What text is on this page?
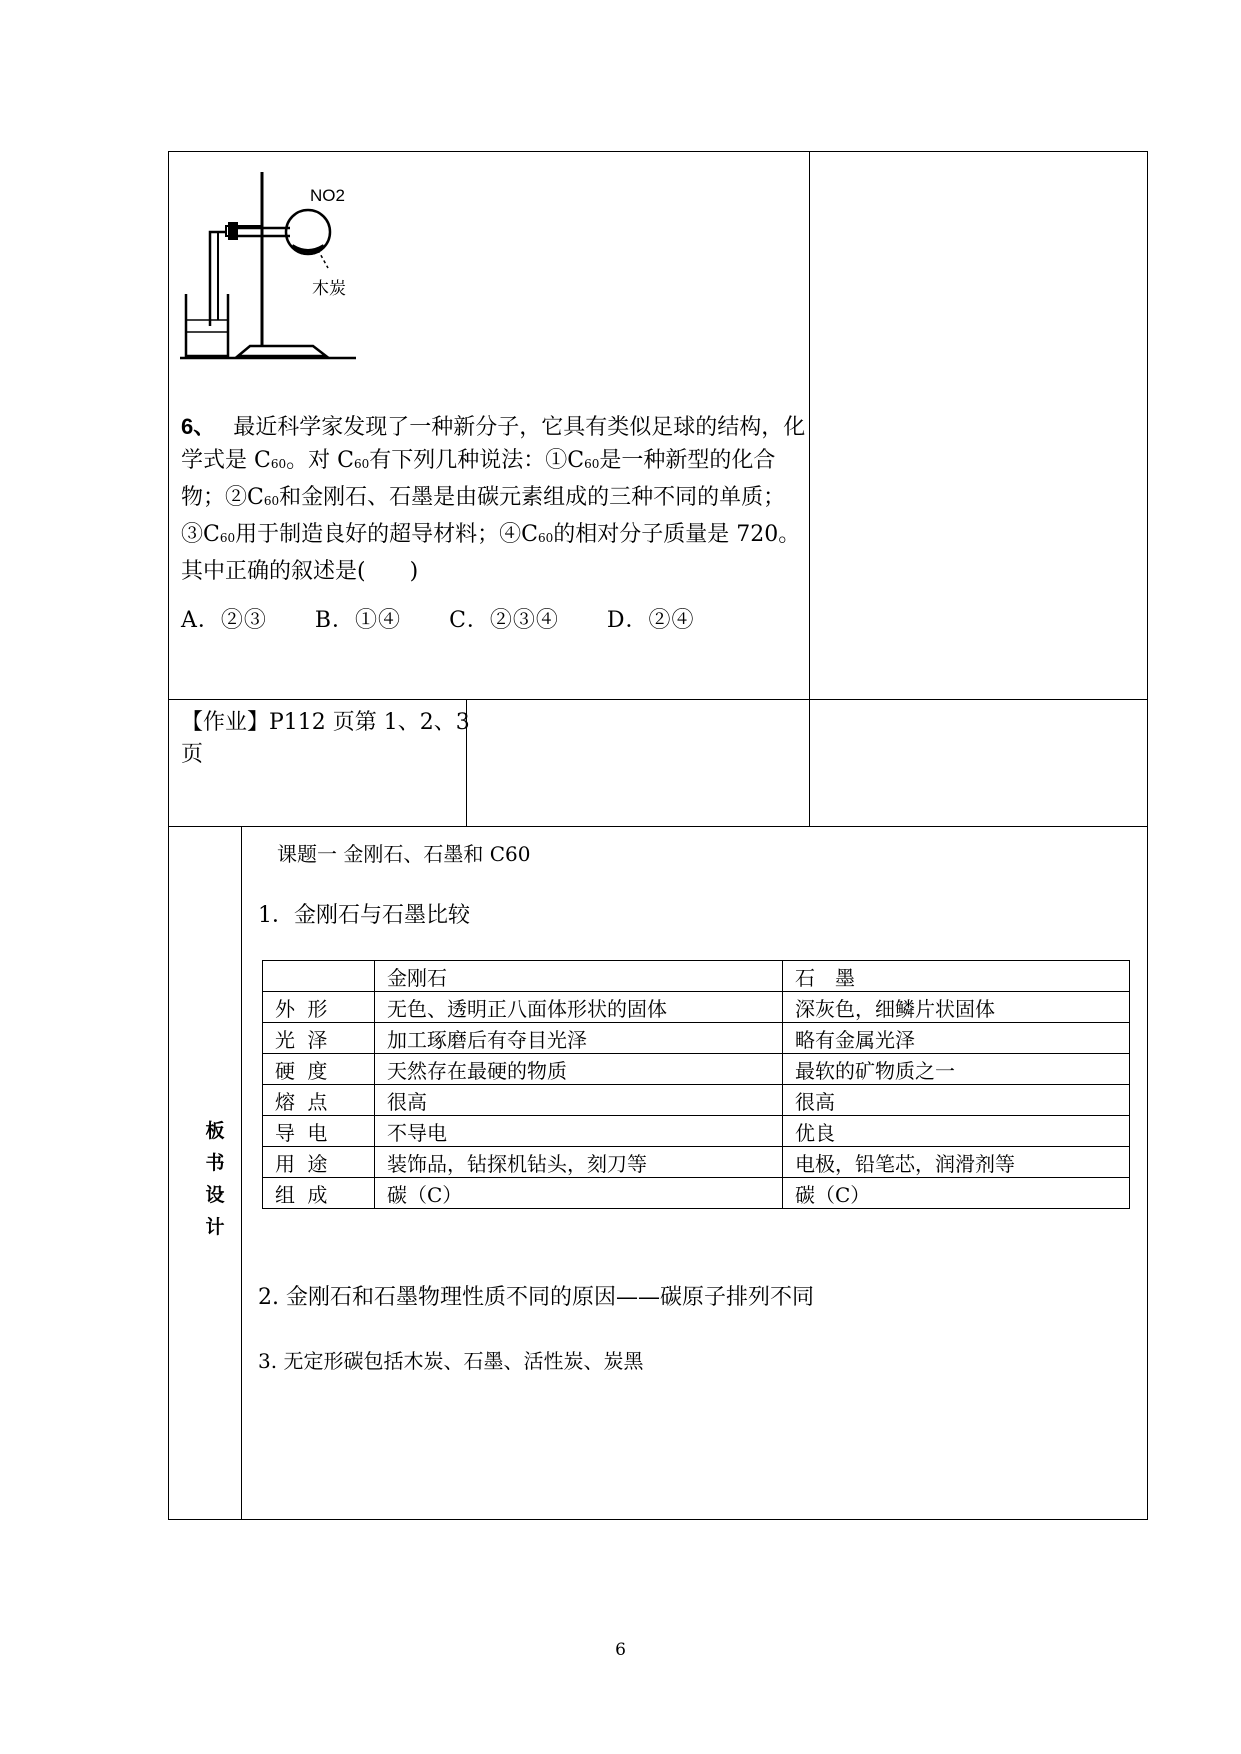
NO2
木炭
6、 最近科学家发现了一种新分子，它具有类似足球的结构，化学式是 C60。对 C60有下列几种说法：①C60是一种新型的化合物；②C60和金刚石、石墨是由碳元素组成的三种不同的单质；③C60用于制造良好的超导材料；④C60的相对分子质量是 720。其中正确的叙述是(　　)
A．②③ B．①④ C．②③④ D．②④
【作业】P112 页第 1、2、3 页
板
书
设
计
课题一 金刚石、石墨和 C60
1．金刚石与石墨比较
	金刚石	石　墨
外 形	无色、透明正八面体形状的固体	深灰色，细鳞片状固体
光 泽	加工琢磨后有夺目光泽	略有金属光泽
硬 度	天然存在最硬的物质	最软的矿物质之一
熔 点	很高	很高
导 电	不导电	优良
用 途	装饰品，钻探机钻头，刻刀等	电极，铅笔芯，润滑剂等
组 成	碳（C）	碳（C）
2. 金刚石和石墨物理性质不同的原因——碳原子排列不同
3. 无定形碳包括木炭、石墨、活性炭、炭黑
6
